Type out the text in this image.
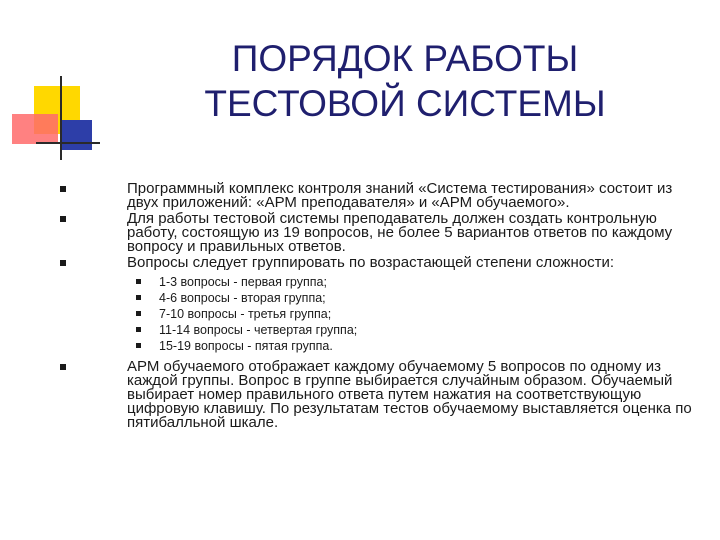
ПОРЯДОК РАБОТЫ
ТЕСТОВОЙ СИСТЕМЫ
Программный комплекс контроля знаний «Система тестирования» состоит из двух приложений: «АРМ преподавателя» и «АРМ обучаемого».
Для работы тестовой системы преподаватель должен создать контрольную работу, состоящую из 19 вопросов, не более 5 вариантов ответов по каждому вопросу и правильных ответов.
Вопросы следует группировать по возрастающей степени сложности:
1-3 вопросы - первая группа;
4-6 вопросы - вторая группа;
7-10 вопросы - третья группа;
11-14 вопросы - четвертая группа;
15-19 вопросы - пятая группа.
АРМ обучаемого отображает каждому обучаемому 5 вопросов по одному из каждой группы. Вопрос в группе выбирается случайным образом. Обучаемый выбирает номер правильного ответа путем нажатия на соответствующую цифровую клавишу. По результатам тестов обучаемому выставляется оценка по пятибалльной шкале.
